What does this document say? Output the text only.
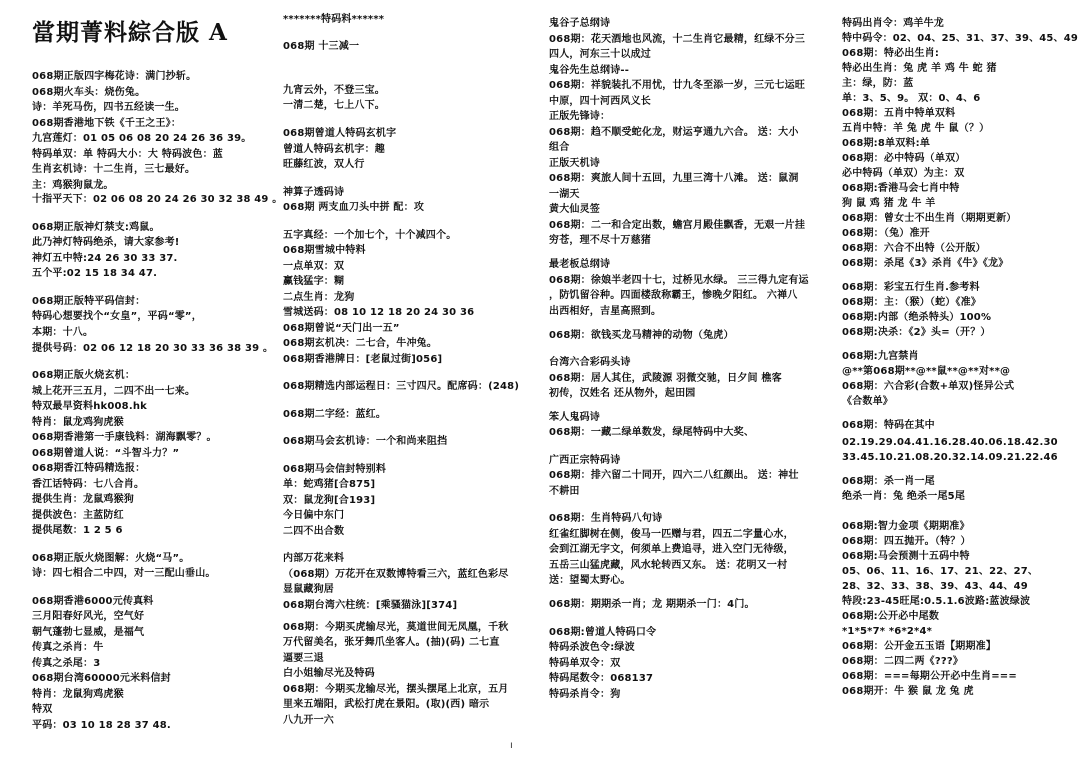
當期菁料綜合版 A
068期正版四字梅花诗：满门抄斩。
068期火车头：烧伤兔。
诗：羊死马伤，四书五经读一生。
068期香港地下铁《千王之王》：
九宫莲灯：01 05 06 08 20 24 26 36 39。
特码单双：单 特码大小：大 特码波色：蓝
生肖玄机诗：十二生肖，三七最好。
主：鸡猴狗鼠龙。
十指平天下：02 06 08 20 24 26 30 32 38 49 。
068期正版神灯禁支:鸡鼠。
此乃神灯特码绝杀，请大家参考!
神灯五中特:24 26 30 33 37.
五个平:02 15 18 34 47.
068期正版特平码信封：
特码心想要找个“女皇”，平码“零”，
本期：十八。
提供号码：02 06 12 18 20 30 33 36 38 39 。
068期正版火烧玄机：
城上花开三五月，二四不出一七来。
特双最早资料hk008.hk
特肖：鼠龙鸡狗虎猴
068期香港第一手康钱料：湖海飘零？。
068期曾道人说：“斗智斗力？”
068期香江特码精选报：
香江话特码：七八合肖。
提供生肖：龙鼠鸡猴狗
提供波色：主蓝防红
提供尾数：1 2 5 6
068期正版火烧图解：火烧“马”。
诗：四七相合二中四，对一三配山垂山。
068期香港6000元传真料
三月阳春好风光，空气好
朝气蓬勃七显威，是福气
传真之杀肖：牛
传真之杀尾：3
068期台湾60000元米料信封
特肖：龙鼠狗鸡虎猴
特双
平码：03 10 18 28 37 48.
*******特码料******
068期 十三减一
九宵云外，不登三宝。
一清二楚，七上八下。
068期曾道人特码玄机字
曾道人特码玄机字：趣
旺藤红波，双人行
神算子透码诗
068期 两支血刀头中拼 配：攻
五字真经：一个加七个，十个减四个。
068期雪城中特料
一点单双：双
赢钱猛字：糊
二点生肖：龙狗
雪城送码：08 10 12 18 20 24 30 36
068期曾说“天门出一五”
068期玄机决：二七合，牛冲兔。
068期香港牌日：[老鼠过街]056]
068期精选内部运程日：三寸四尺。配席码：(248)
068期二字经：蓝红。
068期马会玄机诗：一个和尚来阻挡
068期马会信封特别料
单：蛇鸡猪[合875]
双：鼠龙狗[合193]
今日偏中东门
二四不出合数
内部万花来料
（068期）万花开在双数博特看三六，蓝红色彩尽
显鼠藏狗居
068期台湾六柱统：[乘骚猫泳][374]
068期：今期买虎输尽光，莫道世间无凤凰，千秋
万代留美名，张牙舞爪坐客人。(抽)(码) 二七直
逼要三退
白小姐输尽光及特码
068期：今期买龙输尽光，摆头摆尾上北京，五月
里来五端阳，武松打虎在景阳。(取)(西) 暗示
八九开一六
鬼谷子总纲诗
068期：花天酒地也风流，十二生肖它最精，红绿不分三
四人，河东三十以成过
鬼谷先生总纲诗--
068期：祥貌装扎不用忧，廿九冬至添一岁，三元七运旺
中原，四十河西风义长
正版先锋诗：
068期：趋不顺受蛇化龙，财运亨通九六合。 送：大小
组合
正版天机诗
068期：爽旅人间十五回，九里三湾十八滩。 送：鼠洞
一湖天
黄大仙灵签
068期：二一和合定出数，蟾宫月殿佳飘香，无艰一片挂
穷苍，理不尽十万慈猪
最老板总纲诗
068期：徐娘半老四十七，过桥见水绿。 三三得九定有运
，防饥留谷种。四面楼敌称霸王，惨晚夕阳红。 六禅八
出西相好，吉星高照到。
068期：欲钱买龙马精神的动物（兔虎）
台湾六合彩码头诗
068期：居人其住，武陵源 羽微交驰，日夕间 樵客
初传，汉姓名 还从物外，起田园
笨人鬼码诗
068期：一藏二绿单数发，绿尾特码中大奖、
广西正宗特码诗
068期：排六留二十同开，四六二八红颜出。 送：神壮
不耕田
068期：生肖特码八句诗
红雀红脚树在侧，俊马一匹赠与君，四五二字量心水，
会到江湖无字文，何须单上费追寻，进入空门无待级，
五岳三山猛虎藏，风水轮转西又东。 送：花明又一村
送：望蜀太野心。
068期：期期杀一肖；龙 期期杀一门：4门。
068期:曾道人特码口令
特码杀波色令:绿波
特码单双令：双
特码尾数令：068137
特码杀肖令：狗
特码出肖令：鸡羊牛龙
特中码令：02、04、25、31、37、39、45、49
068期：特必出生肖:
特必出生肖：兔 虎 羊 鸡 牛 蛇 猪
主：绿，防：蓝
单：3、5、9。 双：0、4、6
068期：五肖中特单双料
五肖中特：羊 兔 虎 牛 鼠（？）
068期:8单双料:单
068期：必中特码（单双）
必中特码（单双）为主：双
068期:香港马会七肖中特
狗 鼠 鸡 猪 龙 牛 羊
068期：曾女士不出生肖（期期更新）
068期：（兔）准开
068期：六合不出特（公开版）
068期：杀尾《3》杀肖《牛》《龙》
068期：彩宝五行生肖.参考料
068期：主：（猴）（蛇）《准》
068期:内部（绝杀特头）100%
068期:决杀：《2》头=（开？）
068期:九宫禁肖
@**第068期**@**鼠**@**对**@
068期：六合彩(合数+单双)怪异公式
《合数单》
068期：特码在其中
02.19.29.04.41.16.28.40.06.18.42.30
33.45.10.21.08.20.32.14.09.21.22.46
068期：杀一肖一尾
绝杀一肖：兔 绝杀一尾5尾
068期:智力金项《期期准》
068期：四五抛开。（特？）
068期:马会预测十五码中特
05、06、11、16、17、21、22、27、
28、32、33、38、39、43、44、49
特段:23-45旺尾:0.5.1.6波路:蓝波绿波
068期:公开必中尾数
*1*5*7* *6*2*4*
068期：公开金五玉语【期期准】
068期：二四二两《???》
068期：===每期公开必中生肖===
068期开：牛 猴 鼠 龙 兔 虎
ı
